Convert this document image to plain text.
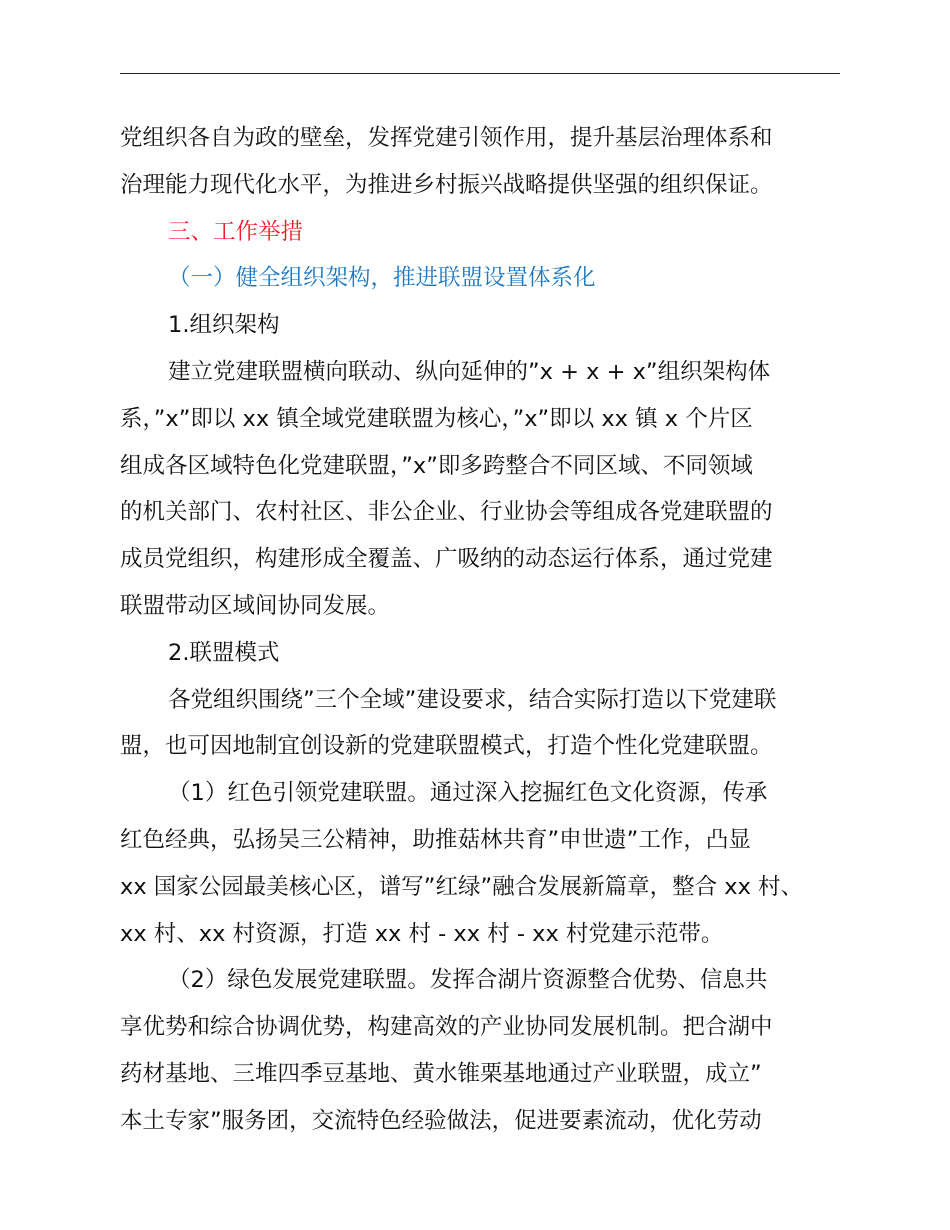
党组织各自为政的壁垒，发挥党建引领作用，提升基层治理体系和
治理能力现代化水平，为推进乡村振兴战略提供坚强的组织保证。
三、工作举措
（一）健全组织架构，推进联盟设置体系化
1.组织架构
建立党建联盟横向联动、纵向延伸的”x + x + x”组织架构体
系，”x”即以 xx 镇全域党建联盟为核心，”x”即以 xx 镇 x 个片区
组成各区域特色化党建联盟，”x”即多跨整合不同区域、不同领域
的机关部门、农村社区、非公企业、行业协会等组成各党建联盟的
成员党组织，构建形成全覆盖、广吸纳的动态运行体系，通过党建
联盟带动区域间协同发展。
2.联盟模式
各党组织围绕”三个全域”建设要求，结合实际打造以下党建联
盟，也可因地制宜创设新的党建联盟模式，打造个性化党建联盟。
（1）红色引领党建联盟。通过深入挖掘红色文化资源，传承
红色经典，弘扬吴三公精神，助推菇林共育”申世遗”工作，凸显
xx 国家公园最美核心区，谱写”红绿”融合发展新篇章，整合 xx 村、
xx 村、xx 村资源，打造 xx 村 - xx 村 - xx 村党建示范带。
（2）绿色发展党建联盟。发挥合湖片资源整合优势、信息共
享优势和综合协调优势，构建高效的产业协同发展机制。把合湖中
药材基地、三堆四季豆基地、黄水锥栗基地通过产业联盟，成立”
本土专家”服务团，交流特色经验做法，促进要素流动，优化劳动
